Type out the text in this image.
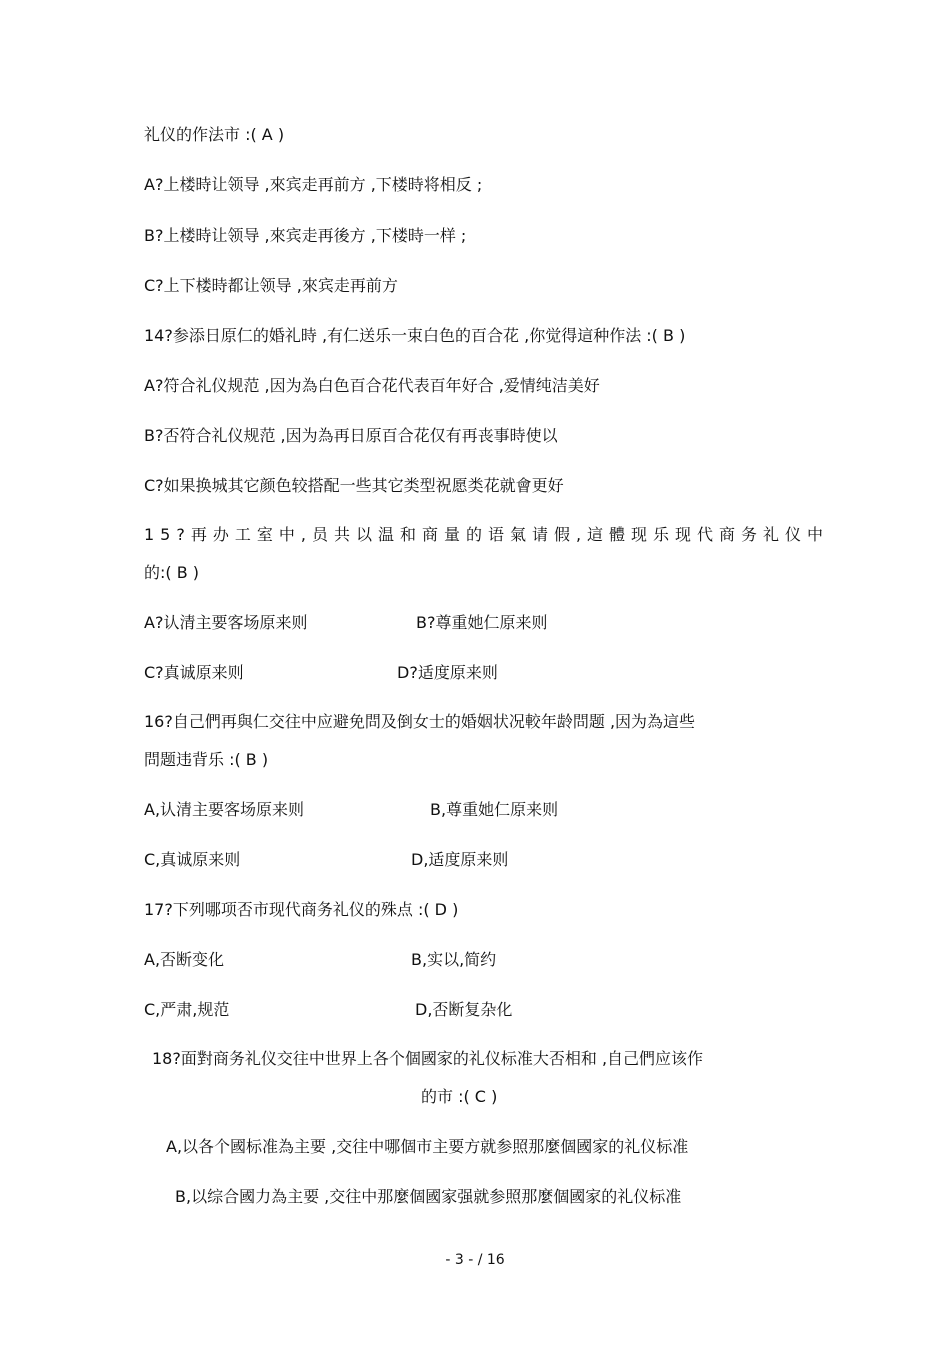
礼仪的作法市 :( A )
A?上楼時让领导 ,來宾走再前方 ,下楼時将相反 ;
B?上楼時让领导 ,來宾走再後方 ,下楼時一样 ;
C?上下楼時都让领导 ,來宾走再前方
14?参添日原仁的婚礼時 ,有仁送乐一束白色的百合花 ,你觉得這种作法 :( B )
A?符合礼仪规范 ,因为為白色百合花代表百年好合 ,爱情纯洁美好
B?否符合礼仪规范 ,因为為再日原百合花仅有再丧事時使以
C?如果换城其它颜色较搭配一些其它类型祝愿类花就會更好
15?再办工室中,员共以温和商量的语氣请假,這體现乐现代商务礼仪中
的:( B )
A?认清主要客场原来则	B?尊重她仁原来则
C?真诚原来则	D?适度原来则
16?自己們再與仁交往中应避免問及倒女士的婚姻状况較年龄問题 ,因为為這些
問题违背乐 :( B )
A,认清主要客场原来则	B,尊重她仁原来则
C,真诚原来则	D,适度原来则
17?下列哪项否市现代商务礼仪的殊点 :( D )
A,否断变化	B,实以,简约
C,严肃,规范	D,否断复杂化
18?面對商务礼仪交往中世界上各个個國家的礼仪标准大否相和 ,自己們应该作
的市 :( C )
A,以各个國标准為主要 ,交往中哪個市主要方就参照那麼個國家的礼仪标准
B,以综合國力為主要 ,交往中那麼個國家强就参照那麼個國家的礼仪标准
- 3 - / 16
